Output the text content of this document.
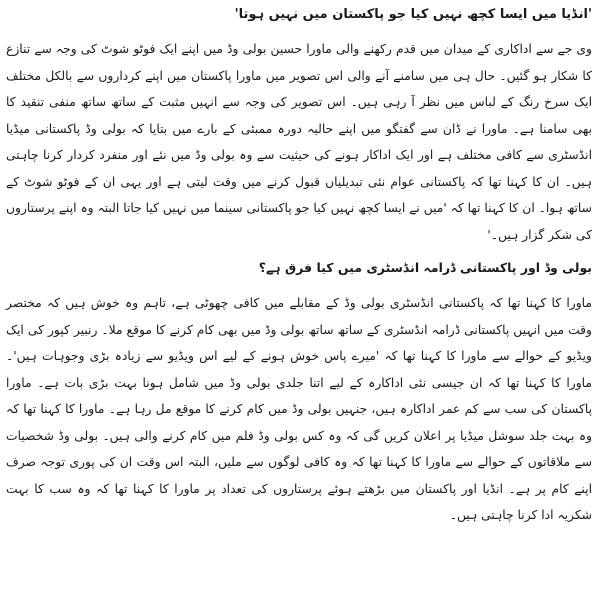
'انڈیا میں ایسا کچھ نہیں کیا جو پاکستان میں نہیں ہوتا'
وی جے سے اداکاری کے میدان میں قدم رکھنے والی ماورا حسین بولی وڈ میں اپنے ایک فوٹو شوٹ کی وجہ سے تنازع کا شکار ہو گئیں۔ حال ہی میں سامنے آنے والی اس تصویر میں ماورا پاکستان میں اپنے کرداروں سے بالکل مختلف ایک سرخ رنگ کے لباس میں نظر آ رہی ہیں۔ اس تصویر کی وجہ سے انہیں مثبت کے ساتھ ساتھ منفی تنقید کا بھی سامنا ہے۔ ماورا نے ڈان سے گفتگو میں اپنے حالیہ دورہ ممبئی کے بارے میں بتایا کہ بولی وڈ پاکستانی میڈیا انڈسٹری سے کافی مختلف ہے اور ایک اداکار ہونے کی حیثیت سے وہ بولی وڈ میں نئے اور منفرد کردار کرنا چاہتی ہیں۔ ان کا کہنا تھا کہ پاکستانی عوام نئی تبدیلیاں قبول کرنے میں وقت لیتی ہے اور یہی ان کے فوٹو شوٹ کے ساتھ ہوا۔ ان کا کہنا تھا کہ 'میں نے ایسا کچھ نہیں کیا جو پاکستانی سینما میں نہیں کیا جاتا البتہ وہ اپنے پرستاروں کی شکر گزار ہیں۔'
بولی وڈ اور پاکستانی ڈرامہ انڈسٹری میں کیا فرق ہے؟
ماورا کا کہنا تھا کہ پاکستانی انڈسٹری بولی وڈ کے مقابلے میں کافی چھوٹی ہے، تاہم وہ خوش ہیں کہ مختصر وقت میں انہیں پاکستانی ڈرامہ انڈسٹری کے ساتھ ساتھ بولی وڈ میں بھی کام کرنے کا موقع ملا۔ رنبیر کپور کی ایک ویڈیو کے حوالے سے ماورا کا کہنا تھا کہ 'میرے پاس خوش ہونے کے لیے اس ویڈیو سے زیادہ بڑی وجوہات ہیں'۔ ماورا کا کہنا تھا کہ ان جیسی نئی اداکارہ کے لیے اتنا جلدی بولی وڈ میں شامل ہونا بہت بڑی بات ہے۔ ماورا پاکستان کی سب سے کم عمر اداکارہ ہیں، جنہیں بولی وڈ میں کام کرنے کا موقع مل رہا ہے۔ ماورا کا کہنا تھا کہ وہ بہت جلد سوشل میڈیا پر اعلان کریں گی کہ وہ کس بولی وڈ فلم میں کام کرنے والی ہیں۔ بولی وڈ شخصیات سے ملاقاتوں کے حوالے سے ماورا کا کہنا تھا کہ وہ کافی لوگوں سے ملیں، البتہ اس وقت ان کی پوری توجہ صرف اپنے کام پر ہے۔ انڈیا اور پاکستان میں بڑھتے ہوئے پرستاروں کی تعداد پر ماورا کا کہنا تھا کہ وہ سب کا بہت شکریہ ادا کرنا چاہتی ہیں۔
